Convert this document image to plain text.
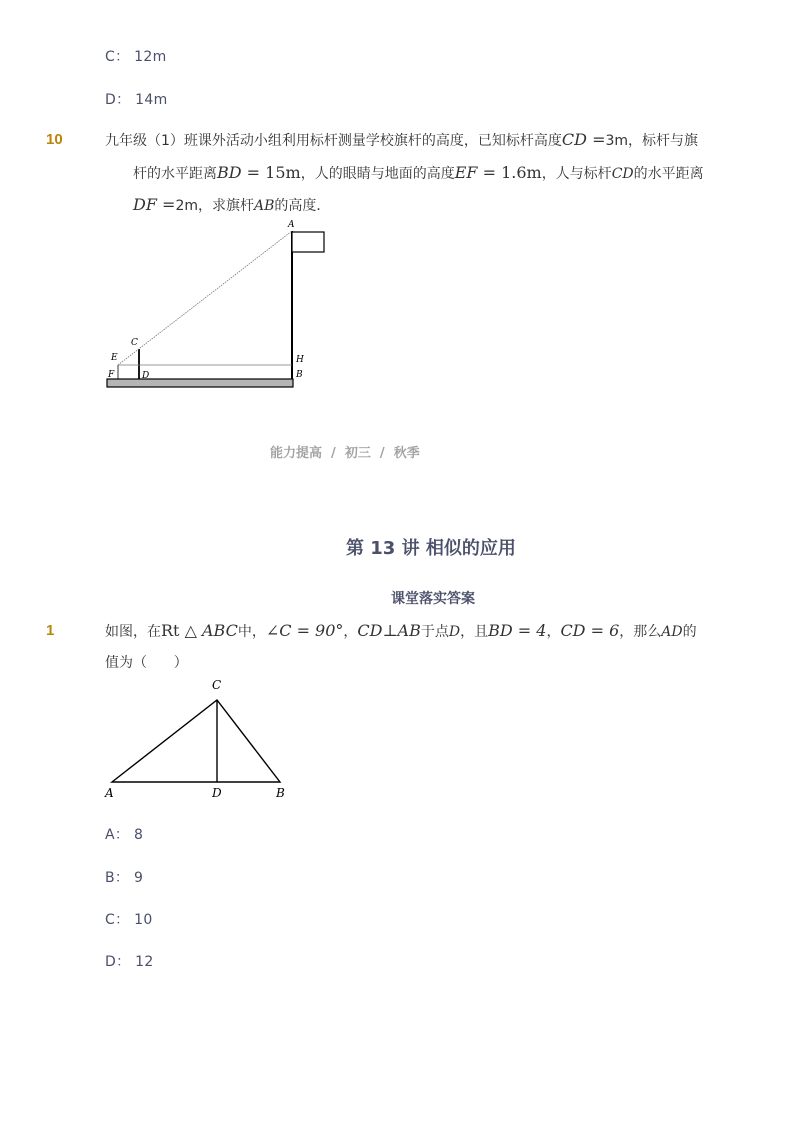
C： 12m
D： 14m
10	九年级（1）班课外活动小组利用标杆测量学校旗杆的高度，已知标杆高度CD =3m，标杆与旗
杆的水平距离BD = 15m，人的眼睛与地面的高度EF = 1.6m，人与标杆CD的水平距离
DF =2m，求旗杆AB的高度．
A
C
E
F	D
H
B
能力提高  /  初三  /  秋季
第 13 讲 相似的应用
课堂落实答案
1	如图，在Rt △ ABC中，∠C = 90°，CD⊥AB于点D，且BD = 4，CD = 6，那么AD的
值为（      ）
C
A	D	B
A： 8
B： 9
C： 10
D： 12
